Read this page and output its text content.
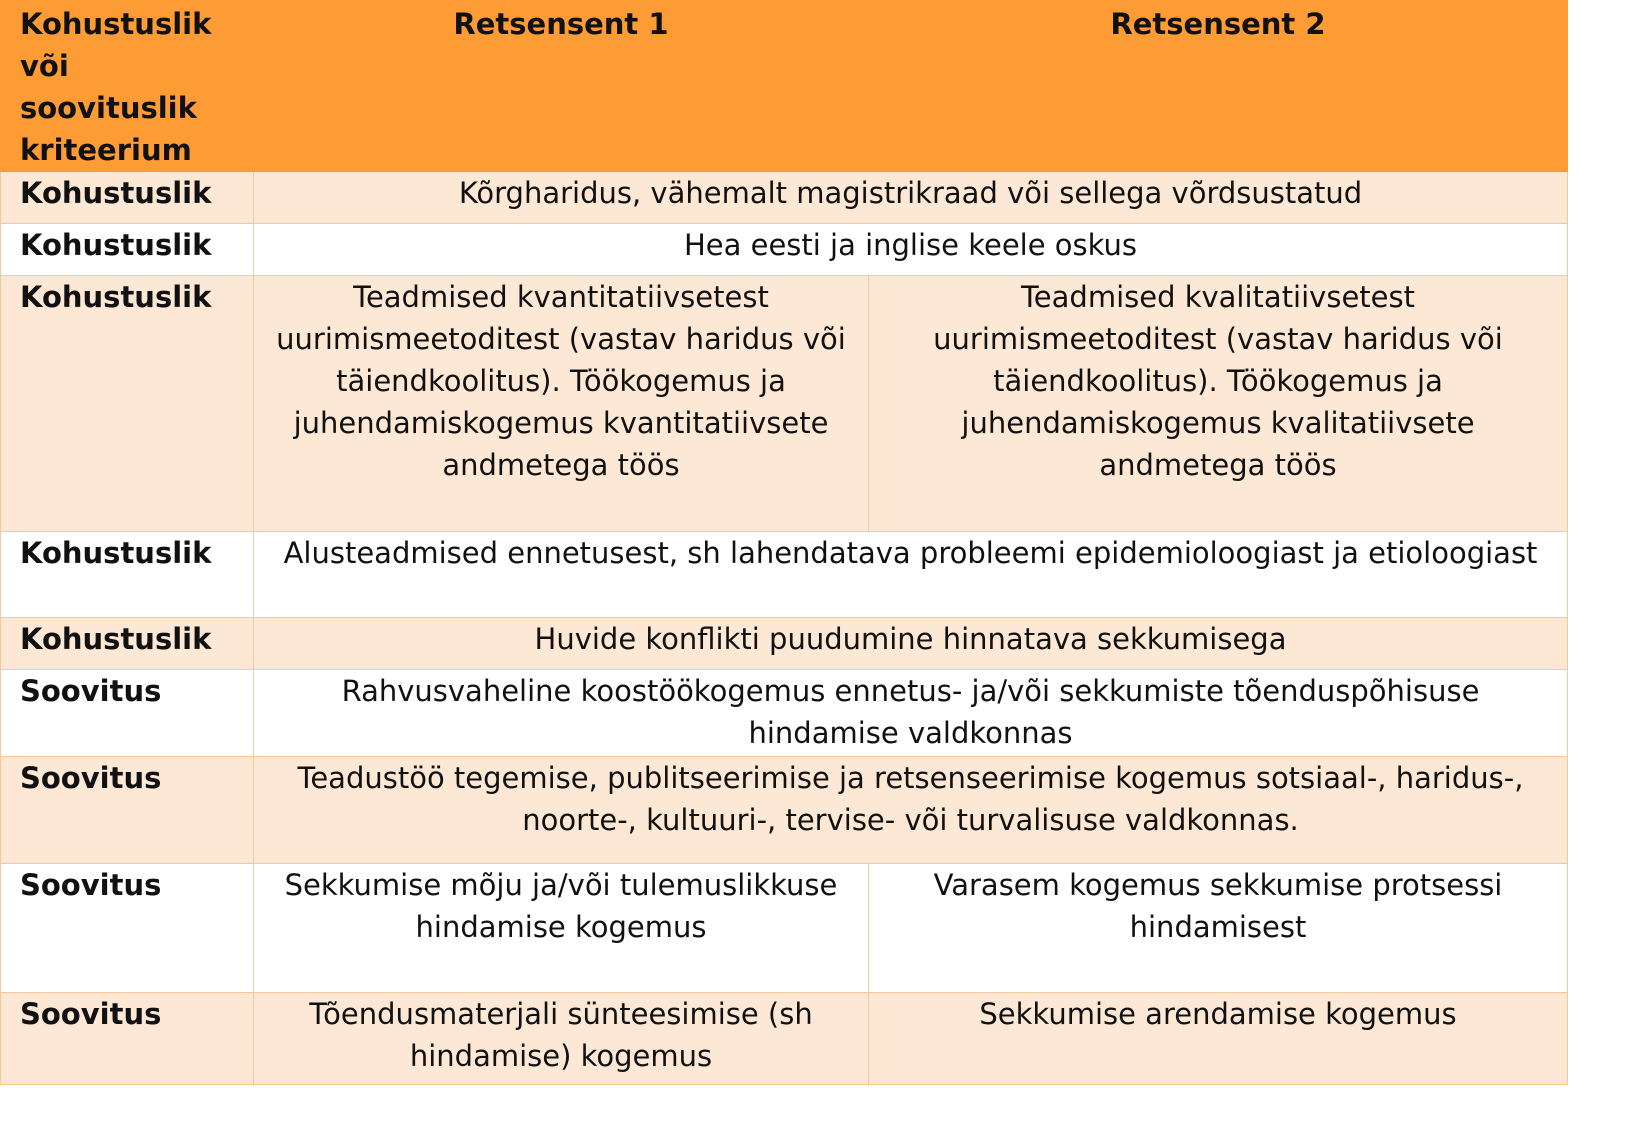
Kohustuslik või soovituslik kriteerium	Retsensent 1	Retsensent 2
Kohustuslik	Kõrgharidus, vähemalt magistrikraad või sellega võrdsustatud	
Kohustuslik	Hea eesti ja inglise keele oskus	
Kohustuslik	Teadmised kvantitatiivsetest uurimismeetoditest (vastav haridus või täiendkoolitus). Töökogemus ja juhendamiskogemus kvantitatiivsete andmetega töös	Teadmised kvalitatiivsetest uurimismeetoditest (vastav haridus või täiendkoolitus). Töökogemus ja juhendamiskogemus kvalitatiivsete andmetega töös
Kohustuslik	Alusteadmised ennetusest, sh lahendatava probleemi epidemioloogiast ja etioloogiast	
Kohustuslik	Huvide konflikti puudumine hinnatava sekkumisega	
Soovitus	Rahvusvaheline koostöökogemus ennetus- ja/või sekkumiste tõenduspõhisuse hindamise valdkonnas	
Soovitus	Teadustöö tegemise, publitseerimise ja retsenseerimise kogemus sotsiaal-, haridus-, noorte-, kultuuri-, tervise- või turvalisuse valdkonnas.	
Soovitus	Sekkumise mõju ja/või tulemuslikkuse hindamise kogemus	Varasem kogemus sekkumise protsessi hindamisest
Soovitus	Tõendusmaterjali sünteesimise (sh hindamise) kogemus	Sekkumise arendamise kogemus
